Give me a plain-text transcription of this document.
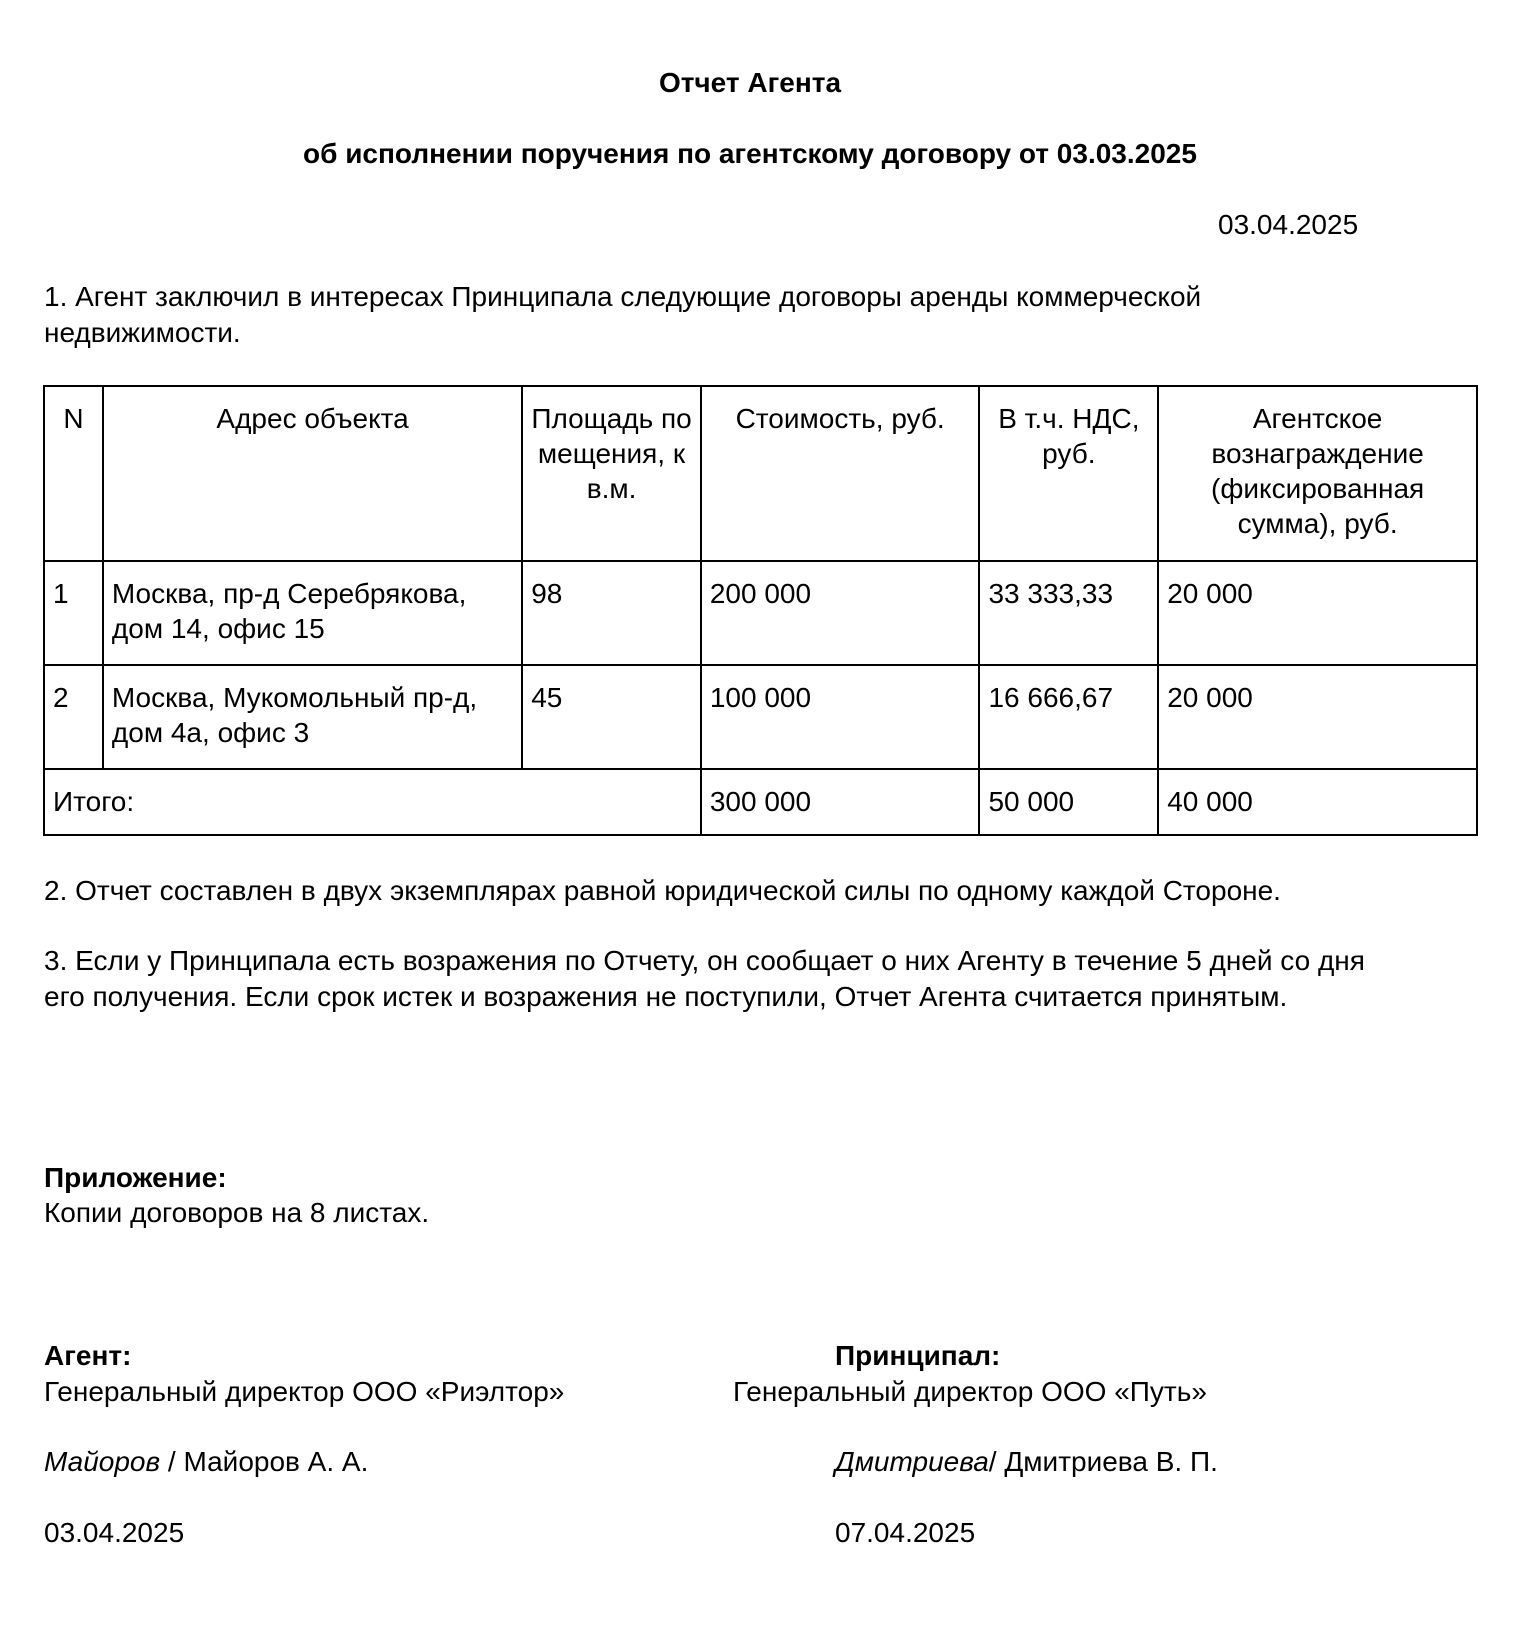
Отчет Агента
об исполнении поручения по агентскому договору от 03.03.2025
03.04.2025
1. Агент заключил в интересах Принципала следующие договоры аренды коммерческой недвижимости.
N	Адрес объекта	Площадь помещения, кв.м.	Стоимость, руб.	В т.ч. НДС, руб.	Агентское вознаграждение (фиксированная сумма), руб.
1	Москва, пр-д Серебрякова, дом 14, офис 15	98	200 000	33 333,33	20 000
2	Москва, Мукомольный пр-д, дом 4а, офис 3	45	100 000	16 666,67	20 000
Итого:			300 000	50 000	40 000
2. Отчет составлен в двух экземплярах равной юридической силы по одному каждой Стороне.
3. Если у Принципала есть возражения по Отчету, он сообщает о них Агенту в течение 5 дней со дня его получения. Если срок истек и возражения не поступили, Отчет Агента считается принятым.
Приложение:
Копии договоров на 8 листах.
Агент:
Генеральный директор ООО «Риэлтор»
Майоров / Майоров А. А.
03.04.2025
Принципал:
Генеральный директор ООО «Путь»
Дмитриева/ Дмитриева В. П.
07.04.2025
